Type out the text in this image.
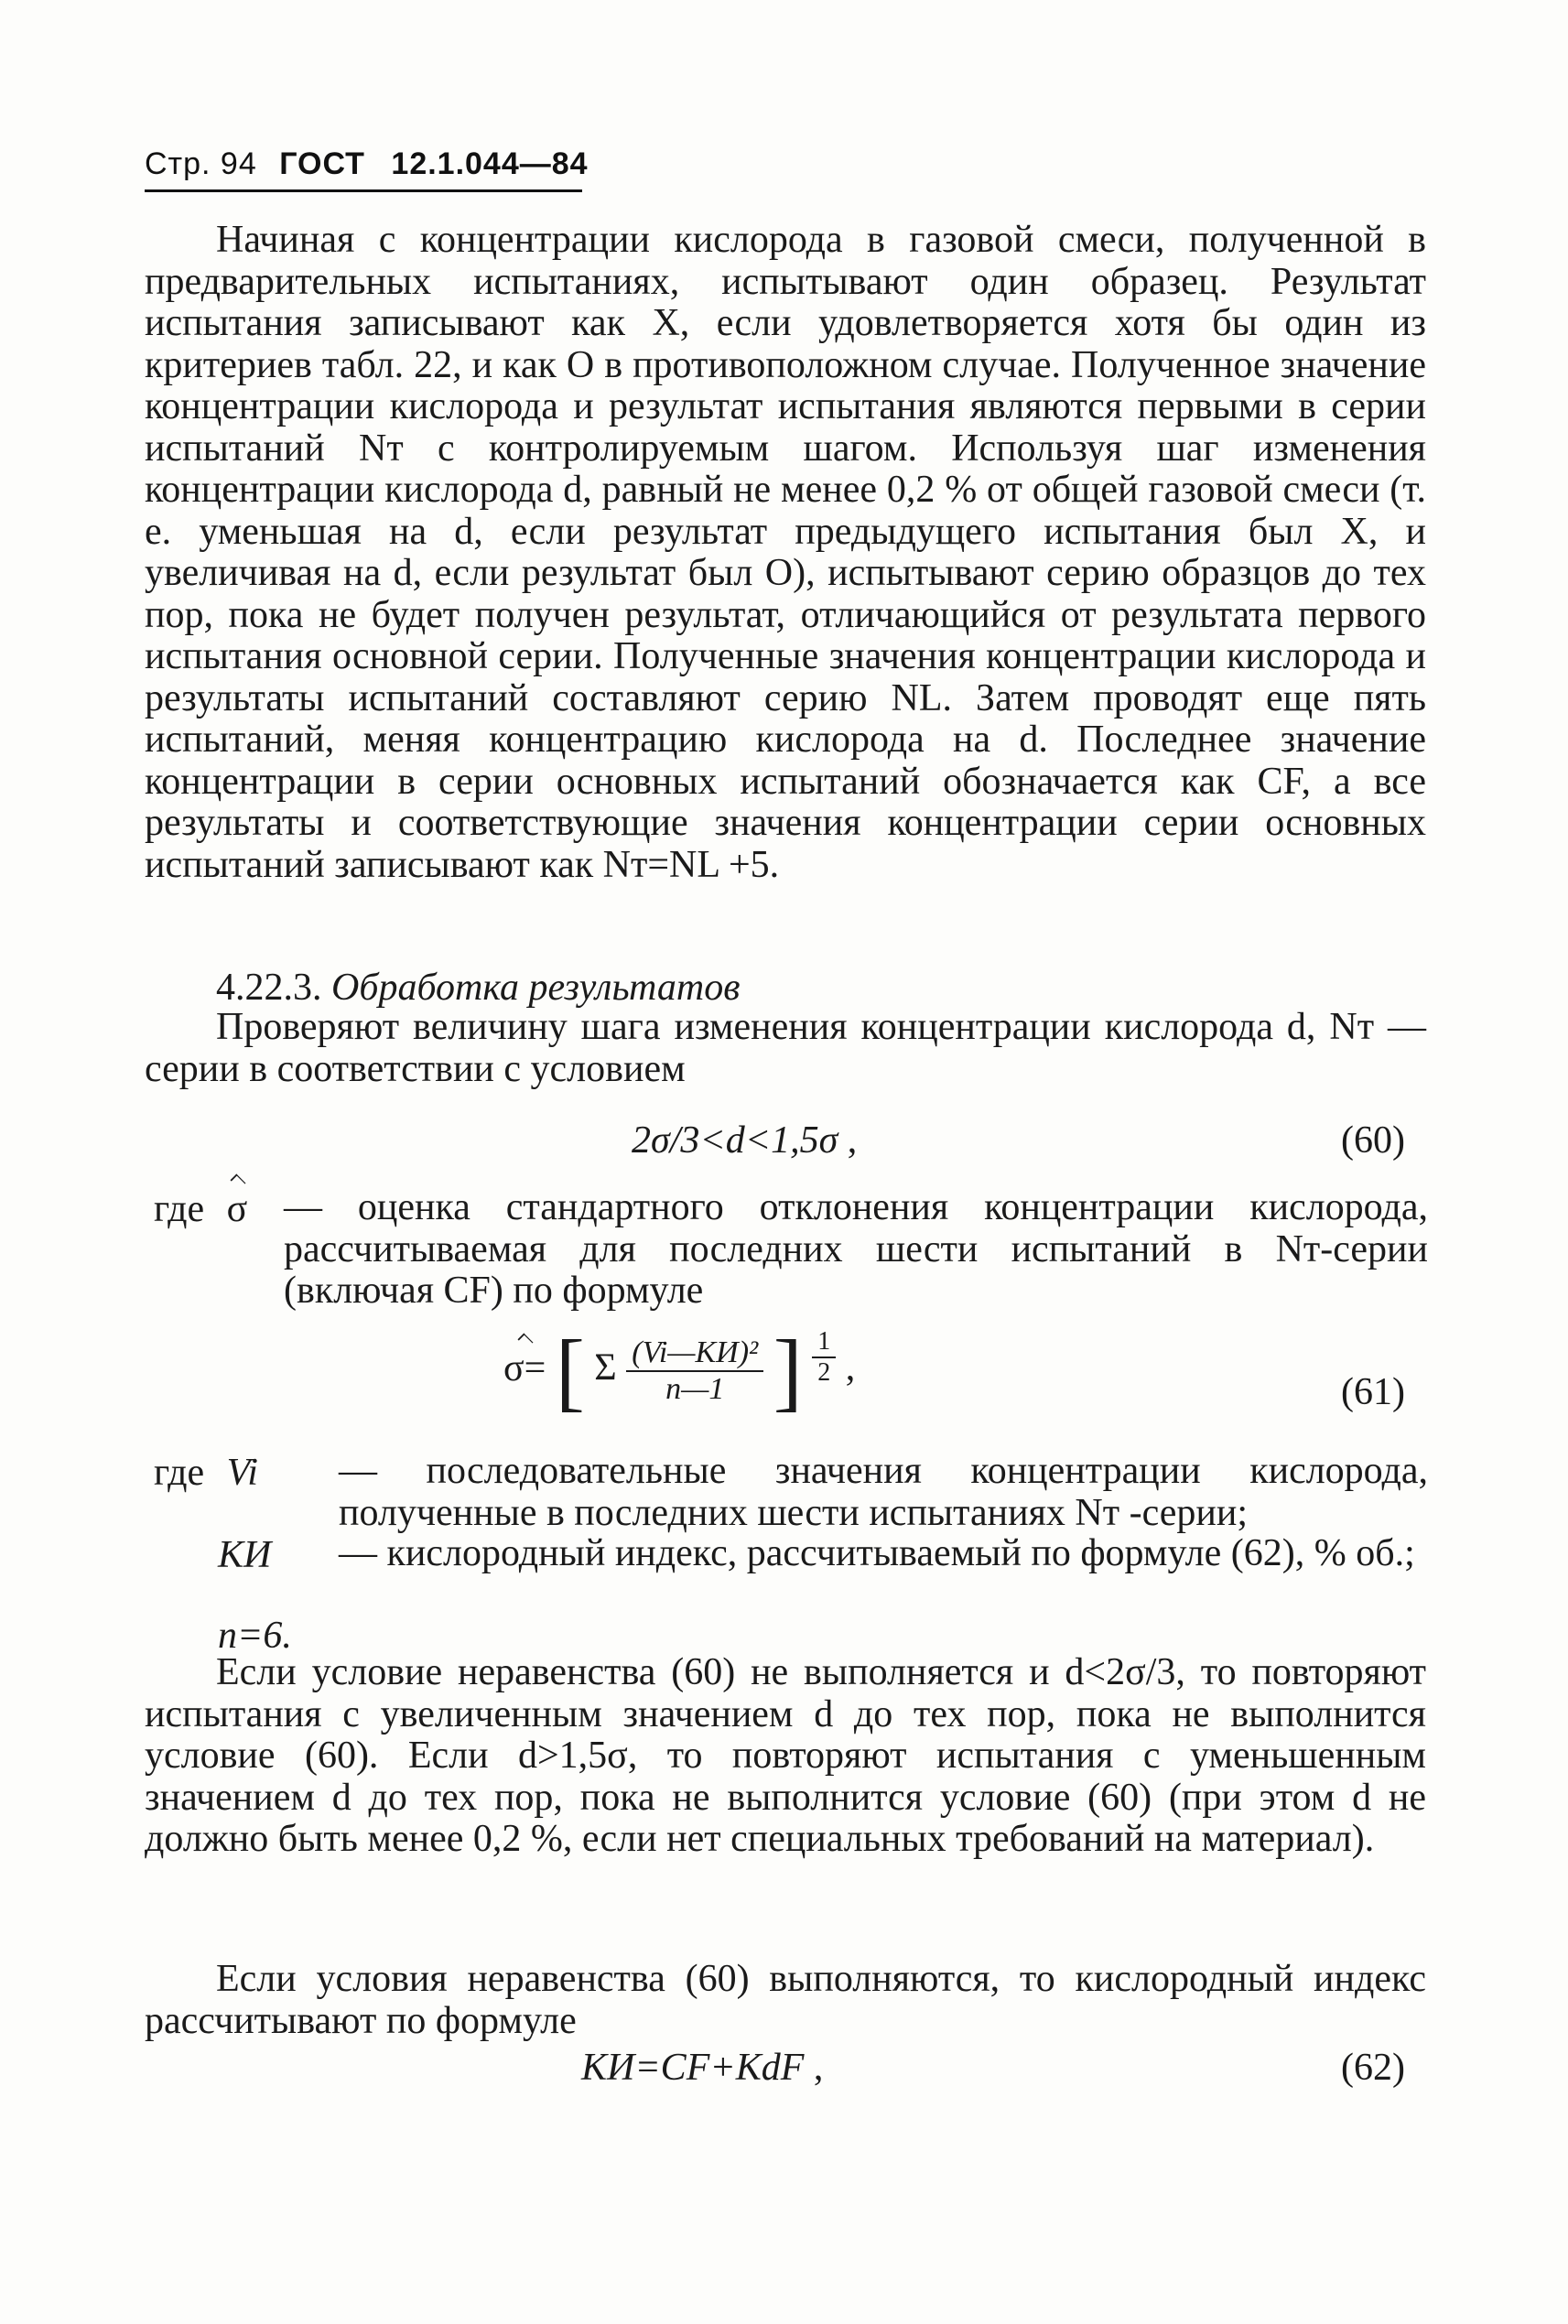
Стр. 94 ГОСТ 12.1.044—84
Начиная с концентрации кислорода в газовой смеси, полученной в предварительных испытаниях, испытывают один образец. Результат испытания записывают как X, если удовлетворяется хотя бы один из критериев табл. 22, и как О в противоположном случае. Полученное значение концентрации кислорода и результат испытания являются первыми в серии испытаний Nт с контролируемым шагом. Используя шаг изменения концентрации кислорода d, равный не менее 0,2 % от общей газовой смеси (т. е. уменьшая на d, если результат предыдущего испытания был X, и увеличивая на d, если результат был О), испытывают серию образцов до тех пор, пока не будет получен результат, отличающийся от результата первого испытания основной серии. Полученные значения концентрации кислорода и результаты испытаний составляют серию NL. Затем проводят еще пять испытаний, меняя концентрацию кислорода на d. Последнее значение концентрации в серии основных испытаний обозначается как CF, а все результаты и соответствующие значения концентрации серии основных испытаний записывают как Nт=NL +5.
4.22.3. Обработка результатов
Проверяют величину шага изменения концентрации кислорода d, Nт — серии в соответствии с условием
2σ/3<d<1,5σ ,	(60)
где σ — оценка стандартного отклонения концентрации кислорода, рассчитываемая для последних шести испытаний в Nт-серии (включая CF) по формуле
σ= [ Σ $\frac{\text{(Vi—KИ)²}}{n—1}$ ] $\frac{1}{2}$ ,
(61)
где Vi — последовательные значения концентрации кислорода, полученные в последних шести испытаниях Nт -серии;
KИ — кислородный индекс, рассчитываемый по формуле (62), % об.;
n=6.
Если условие неравенства (60) не выполняется и d<2σ/3, то повторяют испытания с увеличенным значением d до тех пор, пока не выполнится условие (60). Если d>1,5σ, то повторяют испытания с уменьшенным значением d до тех пор, пока не выполнится условие (60) (при этом d не должно быть менее 0,2 %, если нет специальных требований на материал).
Если условия неравенства (60) выполняются, то кислородный индекс рассчитывают по формуле
KИ=CF+KdF ,	(62)
